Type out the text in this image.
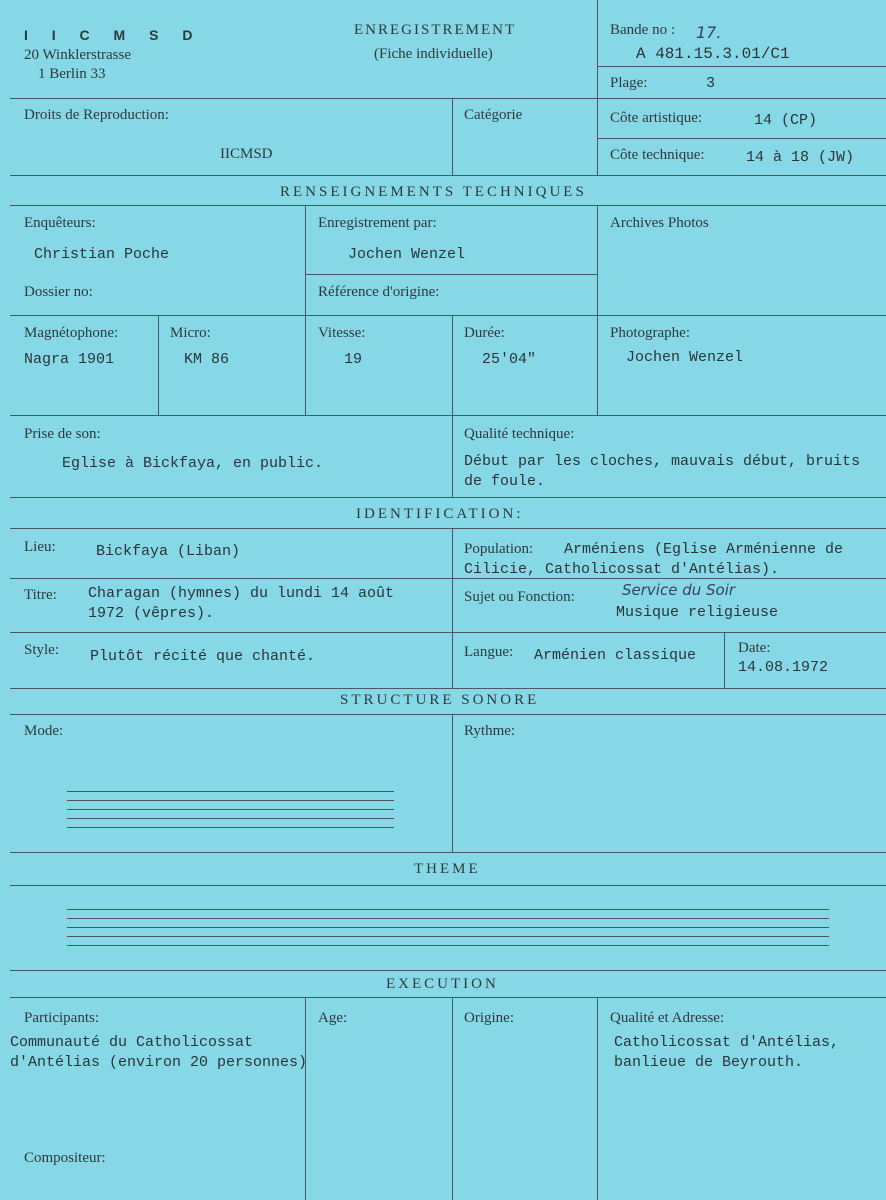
I I C M S D
20 Winklerstrasse
1 Berlin 33
ENREGISTREMENT
(Fiche individuelle)
Bande no : 17.
A 481.15.3.01/C1
Plage:	3
Droits de Reproduction:
IICMSD
Catégorie	Côte artistique:	14 (CP)
Côte technique:	14 à 18 (JW)
RENSEIGNEMENTS TECHNIQUES
Enquêteurs:
Christian Poche
Enregistrement par:
Jochen Wenzel
Archives Photos
Dossier no:	Référence d'origine:
Magnétophone:
Nagra 1901
Micro:
KM 86
Vitesse:
19
Durée:
25'04"
Photographe:
Jochen Wenzel
Prise de son:
Eglise à Bickfaya, en public.
Qualité technique:
Début par les cloches, mauvais début, bruits
de foule.
IDENTIFICATION:
Lieu:	Bickfaya (Liban)	Population: Arméniens (Eglise Arménienne de
Cilicie, Catholicossat d'Antélias).
Titre: Charagan (hymnes) du lundi 14 août
1972 (vêpres).
Sujet ou Fonction:	Service du Soir
Musique religieuse
Style: Plutôt récité que chanté.	Langue: Arménien classique	Date:
14.08.1972
STRUCTURE SONORE
Mode:	Rythme:
THEME
EXECUTION
Participants:
Communauté du Catholicossat
d'Antélias (environ 20 personnes)
Age:	Origine:	Qualité et Adresse:
Catholicossat d'Antélias,
banlieue de Beyrouth.
Compositeur:
